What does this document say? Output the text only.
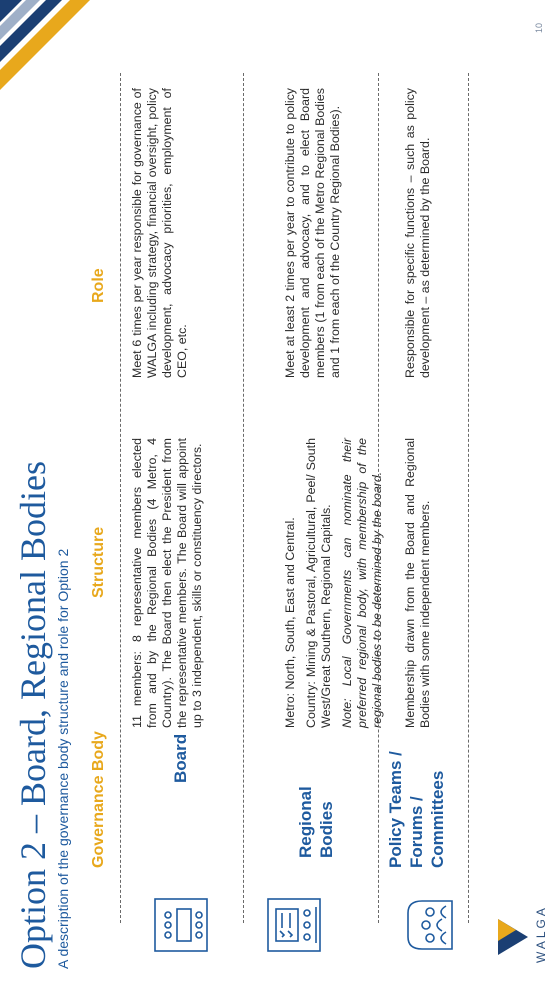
Option 2 – Board, Regional Bodies A description of the governance body structure and role for Option 2 Governance Body
Structure
Role
Board
11 members: 8 representative members elected from and by the Regional Bodies (4 Metro, 4 Country). The Board then elect the President from the representative members. The Board will appoint up to 3 independent, skills or constituency directors.
Meet 6 times per year responsible for governance of WALGA including strategy, financial oversight, policy development, advocacy priorities, employment of CEO, etc.
Regional Bodies

Metro: North, South, East and Central. Country: Mining & Pastoral, Agricultural, Peel/ South West/Great Southern, Regional Capitals. Note: Local Governments can nominate their preferred regional body, with membership of the regional bodies to be determined by the board.

Meet at least 2 times per year to contribute to policy development and advocacy, and to elect Board members (1 from each of the Metro Regional Bodies and 1 from each of the Country Regional Bodies).
Policy Teams / Forums / Committees
Membership drawn from the Board and Regional Bodies with some independent members.
Responsible for specific functions – such as policy development – as determined by the Board.
WALGA
10
